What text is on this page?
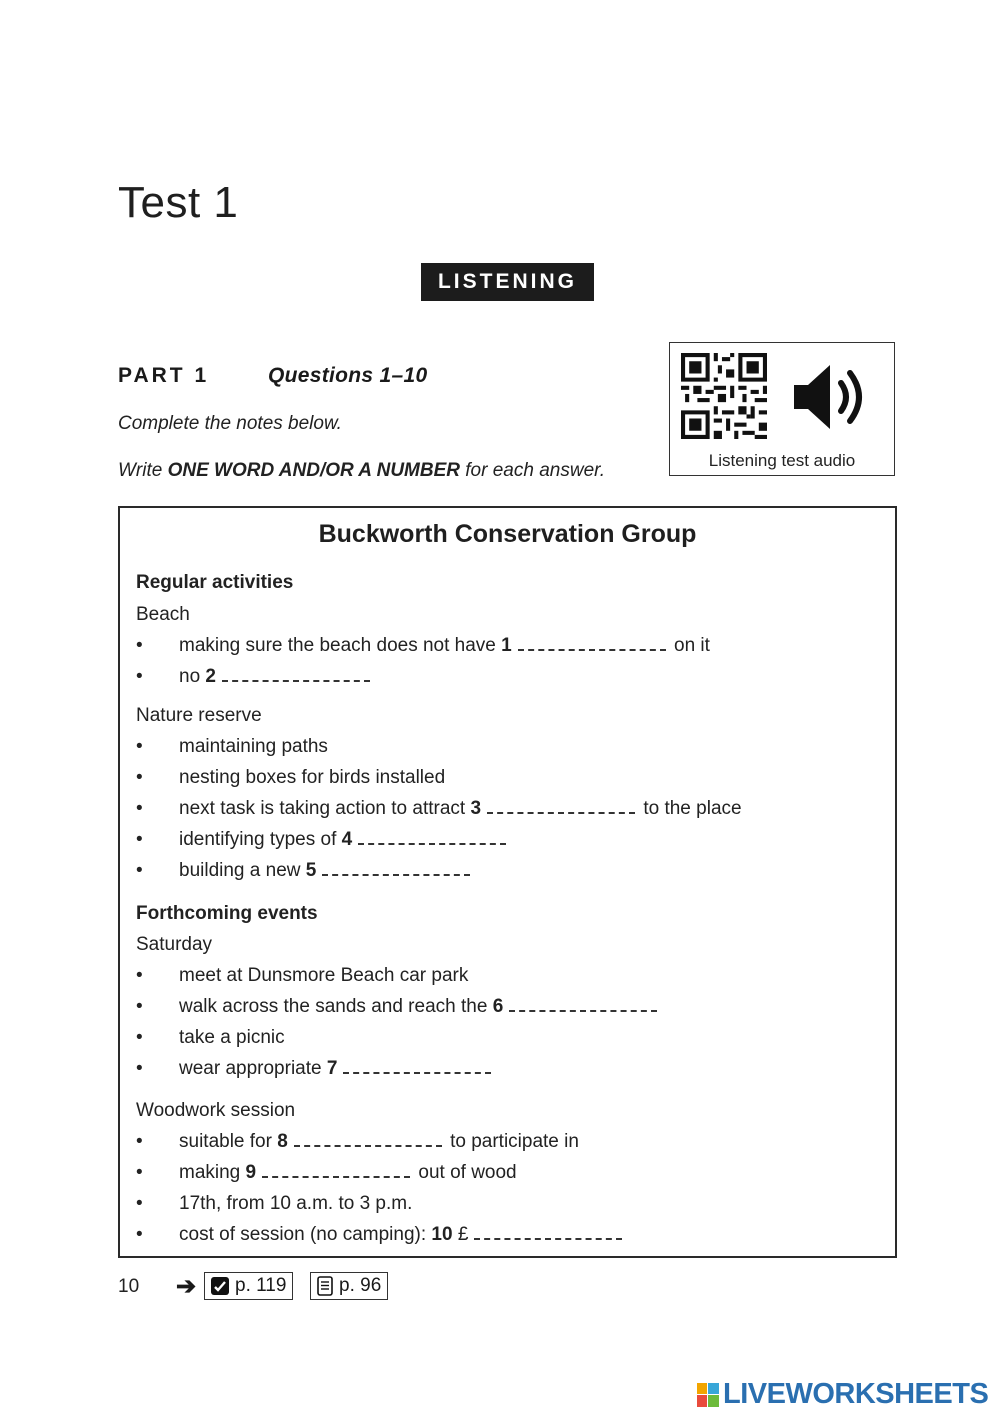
Test 1
LISTENING
PART 1	Questions 1–10
Complete the notes below.
Write ONE WORD AND/OR A NUMBER for each answer.	Listening test audio
Buckworth Conservation Group
Regular activities
Beach
• making sure the beach does not have 1	on it
• no 2
Nature reserve
• maintaining paths
• nesting boxes for birds installed
• next task is taking action to attract 3	to the place
• identifying types of 4
• building a new 5
Forthcoming events
Saturday
• meet at Dunsmore Beach car park
• walk across the sands and reach the 6
• take a picnic
• wear appropriate 7
Woodwork session
• suitable for 8	to participate in
• making 9	out of wood
• 17th, from 10 a.m. to 3 p.m.
• cost of session (no camping): 10 £
10 ➔ p. 119	p. 96
LIVEWORKSHEETS
